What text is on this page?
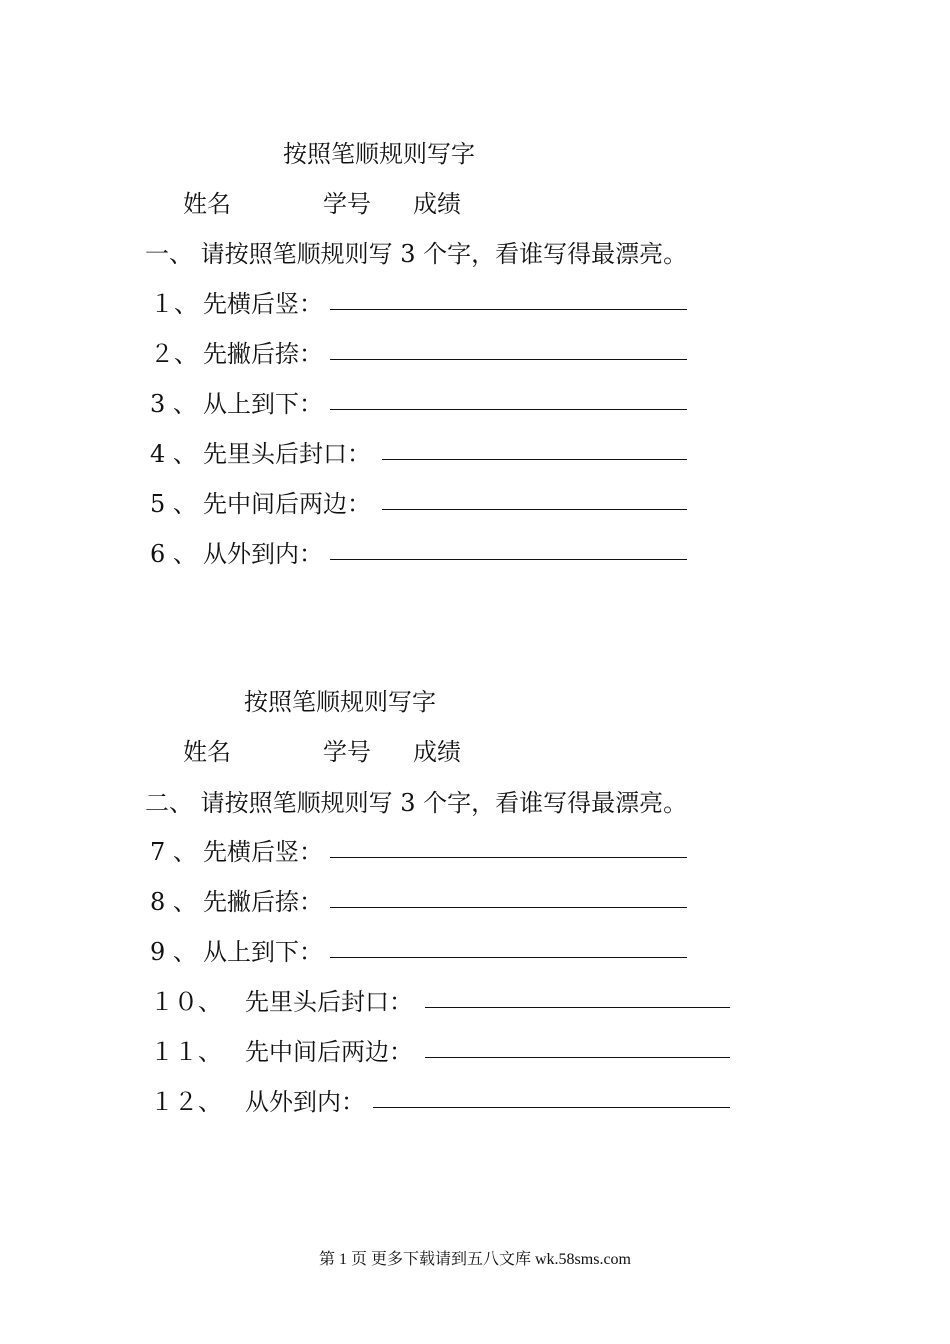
按照笔顺规则写字
姓名	学号 成绩
一、 请按照笔顺规则写 3 个字，看谁写得最漂亮。
１、 先横后竖：
２、 先撇后捺：
3 、 从上到下：
4 、 先里头后封口：
5 、 先中间后两边：
6 、 从外到内：
按照笔顺规则写字
姓名	学号 成绩
二、 请按照笔顺规则写 3 个字，看谁写得最漂亮。
7 、 先横后竖：
8 、 先撇后捺：
9 、 从上到下：
１０、 先里头后封口：
１１、 先中间后两边：
１２、 从外到内：
第 1 页 更多下载请到五八文库 wk.58sms.com
